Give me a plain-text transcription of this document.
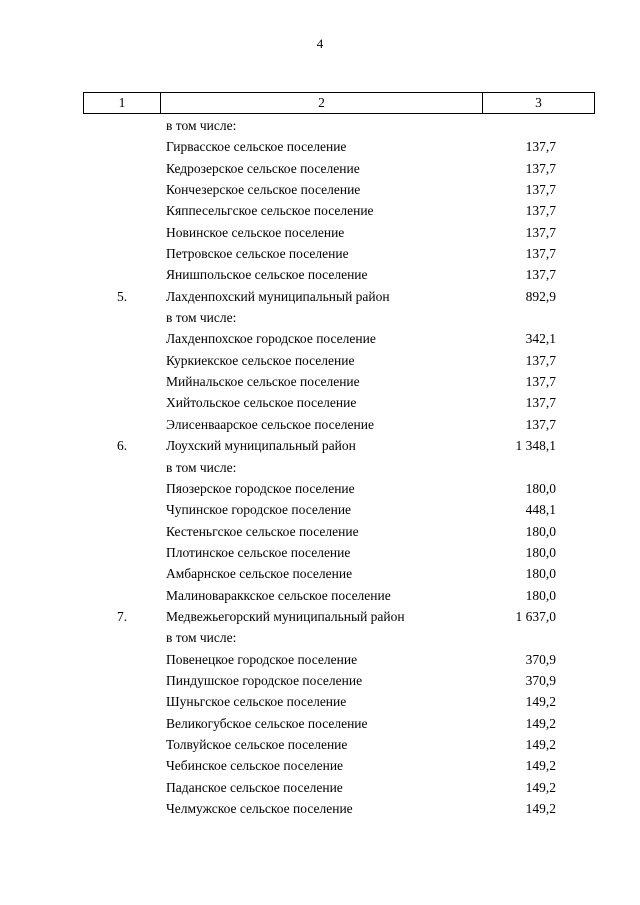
4
1	2	3
в том числе:
Гирвасское сельское поселение	137,7
Кедрозерское сельское поселение	137,7
Кончезерское сельское поселение	137,7
Кяппесельгское сельское поселение	137,7
Новинское сельское поселение	137,7
Петровское сельское поселение	137,7
Янишпольское сельское поселение	137,7
5.	Лахденпохский муниципальный район	892,9
в том числе:
Лахденпохское городское поселение	342,1
Куркиекское сельское поселение	137,7
Мийнальское сельское поселение	137,7
Хийтольское сельское поселение	137,7
Элисенваарское сельское поселение	137,7
6.	Лоухский муниципальный район	1 348,1
в том числе:
Пяозерское городское поселение	180,0
Чупинское городское поселение	448,1
Кестеньгское сельское поселение	180,0
Плотинское сельское поселение	180,0
Амбарнское сельское поселение	180,0
Малиновараккское сельское поселение	180,0
7.	Медвежьегорский муниципальный район	1 637,0
в том числе:
Повенецкое городское поселение	370,9
Пиндушское городское поселение	370,9
Шуньгское сельское поселение	149,2
Великогубское сельское поселение	149,2
Толвуйское сельское поселение	149,2
Чебинское сельское поселение	149,2
Паданское сельское поселение	149,2
Челмужское сельское поселение	149,2
